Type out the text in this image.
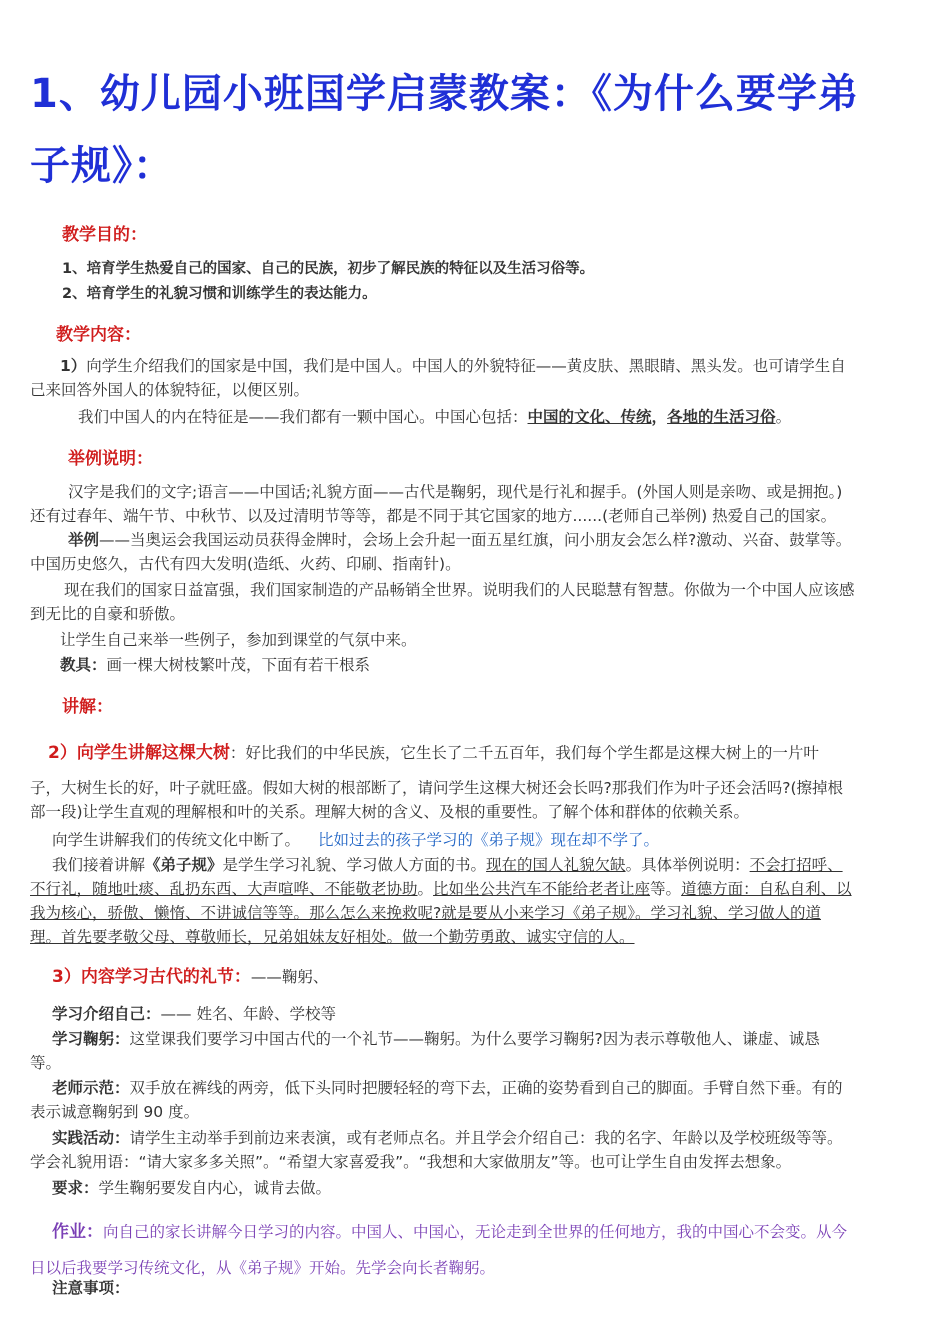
1、幼儿园小班国学启蒙教案：《为什么要学弟
子规》：
教学目的：
1、培育学生热爱自己的国家、自己的民族，初步了解民族的特征以及生活习俗等。
2、培育学生的礼貌习惯和训练学生的表达能力。
教学内容：
1）向学生介绍我们的国家是中国，我们是中国人。中国人的外貌特征——黄皮肤、黑眼睛、黑头发。也可请学生自
己来回答外国人的体貌特征，以便区别。
我们中国人的内在特征是——我们都有一颗中国心。中国心包括：中国的文化、传统，各地的生活习俗。
举例说明：
汉字是我们的文字;语言——中国话;礼貌方面——古代是鞠躬，现代是行礼和握手。(外国人则是亲吻、或是拥抱。)
还有过春年、端午节、中秋节、以及过清明节等等，都是不同于其它国家的地方......(老师自己举例) 热爱自己的国家。
举例——当奥运会我国运动员获得金牌时，会场上会升起一面五星红旗，问小朋友会怎么样?激动、兴奋、鼓掌等。
中国历史悠久，古代有四大发明(造纸、火药、印刷、指南针)。
现在我们的国家日益富强，我们国家制造的产品畅销全世界。说明我们的人民聪慧有智慧。你做为一个中国人应该感
到无比的自豪和骄傲。
让学生自己来举一些例子，参加到课堂的气氛中来。
教具：画一棵大树枝繁叶茂，下面有若干根系
讲解：
2）向学生讲解这棵大树：好比我们的中华民族，它生长了二千五百年，我们每个学生都是这棵大树上的一片叶
子，大树生长的好，叶子就旺盛。假如大树的根部断了，请问学生这棵大树还会长吗?那我们作为叶子还会活吗?(擦掉根
部一段)让学生直观的理解根和叶的关系。理解大树的含义、及根的重要性。了解个体和群体的依赖关系。
向学生讲解我们的传统文化中断了。 比如过去的孩子学习的《弟子规》现在却不学了。
我们接着讲解《弟子规》是学生学习礼貌、学习做人方面的书。现在的国人礼貌欠缺。具体举例说明：不会打招呼、
不行礼，随地吐痰、乱扔东西、大声喧哗、不能敬老协助。比如坐公共汽车不能给老者让座等。道德方面：自私自利、以
我为核心，骄傲、懒惰、不讲诚信等等。那么怎么来挽救呢?就是要从小来学习《弟子规》。学习礼貌、学习做人的道
理。首先要孝敬父母、尊敬师长，兄弟姐妹友好相处。做一个勤劳勇敢、诚实守信的人。
3）内容学习古代的礼节：——鞠躬、
学习介绍自己：—— 姓名、年龄、学校等
学习鞠躬：这堂课我们要学习中国古代的一个礼节——鞠躬。为什么要学习鞠躬?因为表示尊敬他人、谦虚、诚恳
等。
老师示范：双手放在裤线的两旁，低下头同时把腰轻轻的弯下去，正确的姿势看到自己的脚面。手臂自然下垂。有的
表示诚意鞠躬到 90 度。
实践活动：请学生主动举手到前边来表演，或有老师点名。并且学会介绍自己：我的名字、年龄以及学校班级等等。
学会礼貌用语：“请大家多多关照”。“希望大家喜爱我”。“我想和大家做朋友”等。也可让学生自由发挥去想象。
要求：学生鞠躬要发自内心，诚肯去做。
作业：向自己的家长讲解今日学习的内容。中国人、中国心，无论走到全世界的任何地方，我的中国心不会变。从今
日以后我要学习传统文化，从《弟子规》开始。先学会向长者鞠躬。
注意事项：
